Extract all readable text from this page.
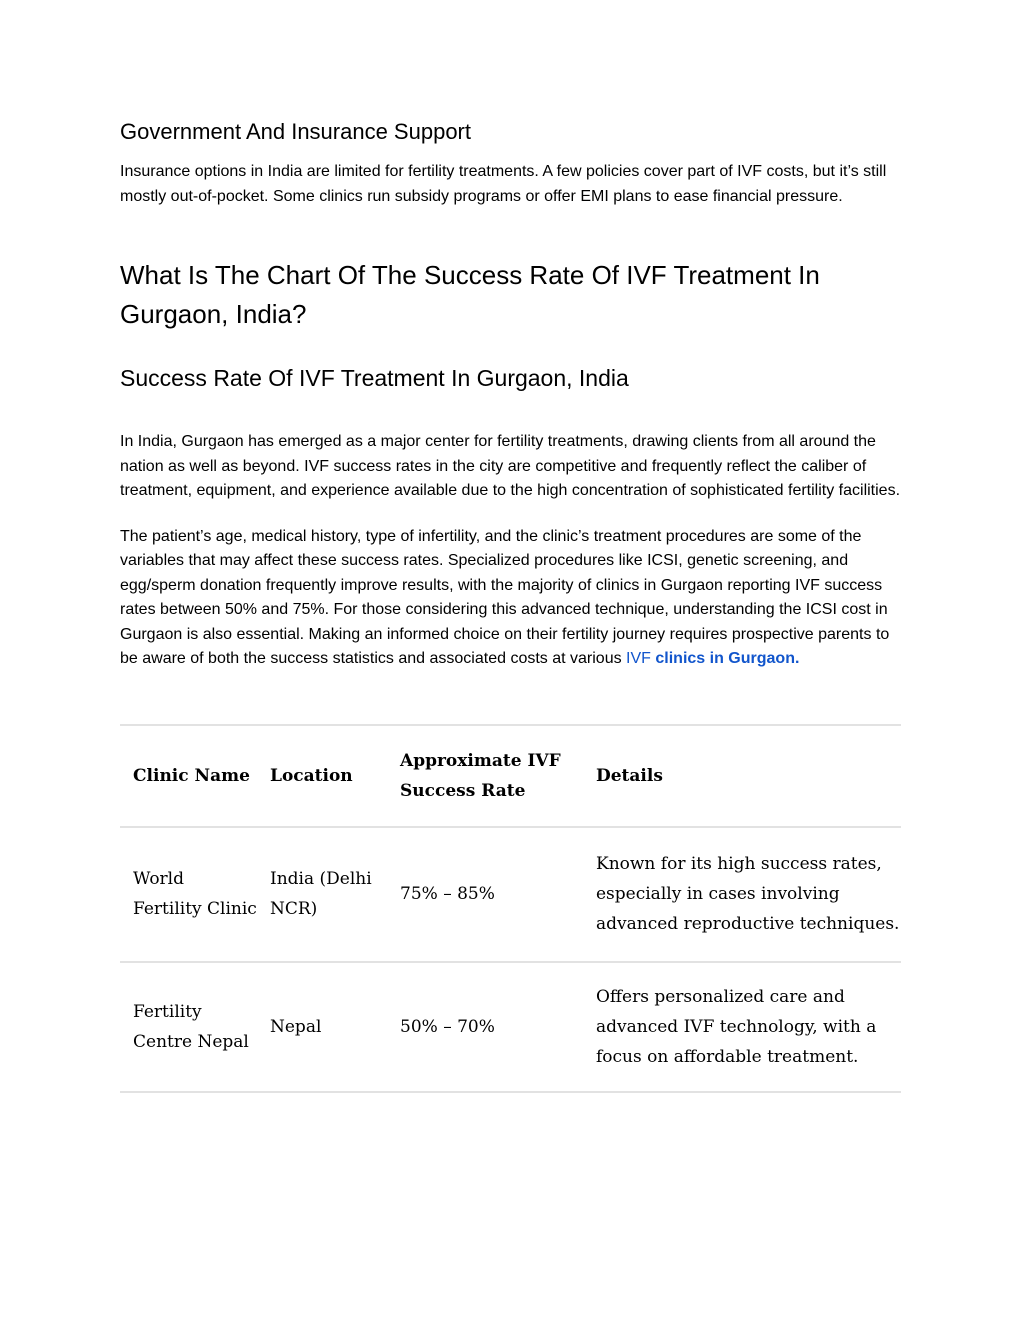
Government And Insurance Support

Insurance options in India are limited for fertility treatments. A few policies cover part of IVF costs, but it’s still mostly out-of-pocket. Some clinics run subsidy programs or offer EMI plans to ease financial pressure.

What Is The Chart Of The Success Rate Of IVF Treatment In Gurgaon, India?
Success Rate Of IVF Treatment In Gurgaon, India

In India, Gurgaon has emerged as a major center for fertility treatments, drawing clients from all around the nation as well as beyond. IVF success rates in the city are competitive and frequently reflect the caliber of treatment, equipment, and experience available due to the high concentration of sophisticated fertility facilities.

The patient’s age, medical history, type of infertility, and the clinic’s treatment procedures are some of the variables that may affect these success rates. Specialized procedures like ICSI, genetic screening, and egg/sperm donation frequently improve results, with the majority of clinics in Gurgaon reporting IVF success rates between 50% and 75%. For those considering this advanced technique, understanding the ICSI cost in Gurgaon is also essential. Making an informed choice on their fertility journey requires prospective parents to be aware of both the success statistics and associated costs at various IVF clinics in Gurgaon.

Clinic Name	Location	Approximate IVF Success Rate	Details
World Fertility Clinic	India (Delhi NCR)	75% – 85%	Known for its high success rates, especially in cases involving advanced reproductive techniques.
Fertility Centre Nepal	Nepal	50% – 70%	Offers personalized care and advanced IVF technology, with a focus on affordable treatment.
